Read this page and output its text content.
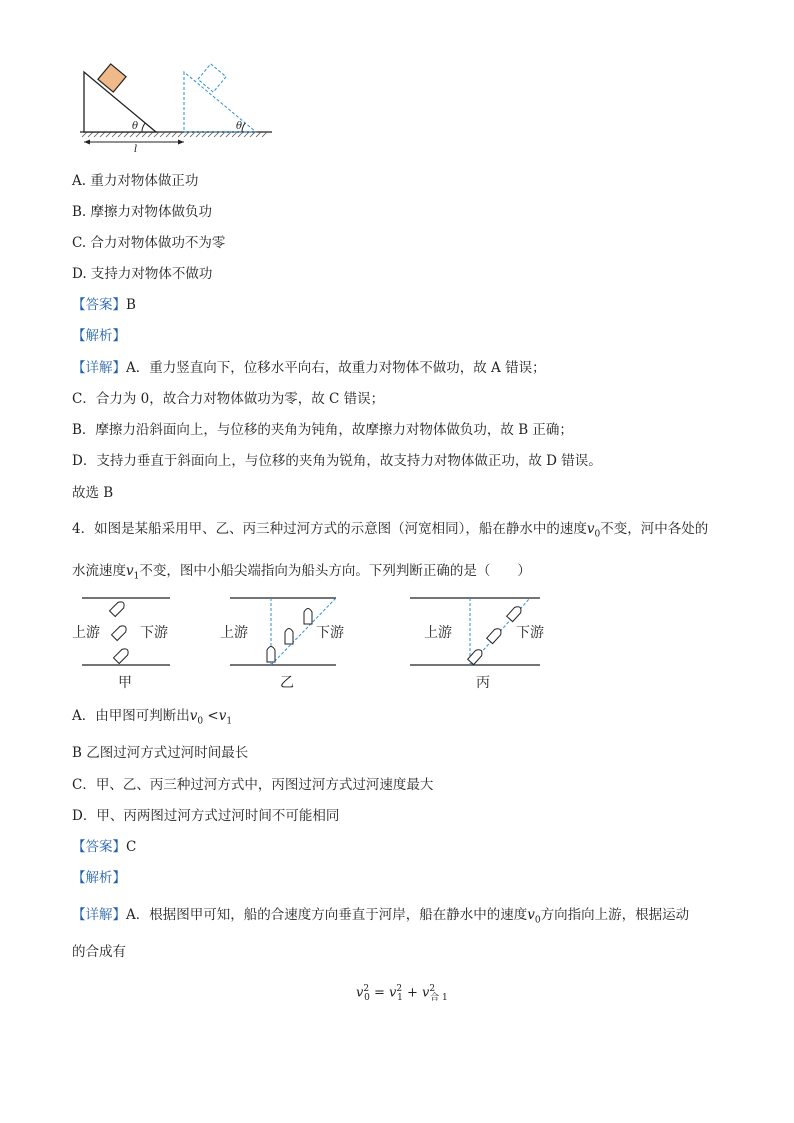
θ	θ
l
A. 重力对物体做正功
B. 摩擦力对物体做负功
C. 合力对物体做功不为零
D. 支持力对物体不做功
【答案】B
【解析】
【详解】A．重力竖直向下，位移水平向右，故重力对物体不做功，故 A 错误；
C．合力为 0，故合力对物体做功为零，故 C 错误；
B．摩擦力沿斜面向上，与位移的夹角为钝角，故摩擦力对物体做负功，故 B 正确；
D．支持力垂直于斜面向上，与位移的夹角为锐角，故支持力对物体做正功，故 D 错误。
故选 B
4．如图是某船采用甲、乙、丙三种过河方式的示意图（河宽相同），船在静水中的速度$v_0$不变，河中各处的
水流速度$v_1$不变，图中小船尖端指向为船头方向。下列判断正确的是（　　）
上游	下游
甲
上游	下游
乙
上游	下游
丙
A．由甲图可判断出$v_0 <v_1$
B 乙图过河方式过河时间最长
C．甲、乙、丙三种过河方式中，丙图过河方式过河速度最大
D．甲、丙两图过河方式过河时间不可能相同
【答案】C
【解析】
【详解】A．根据图甲可知，船的合速度方向垂直于河岸，船在静水中的速度$v_0$方向指向上游，根据运动
的合成有
$v^2_0 = v^2_1 + v^2_{合 1}$
